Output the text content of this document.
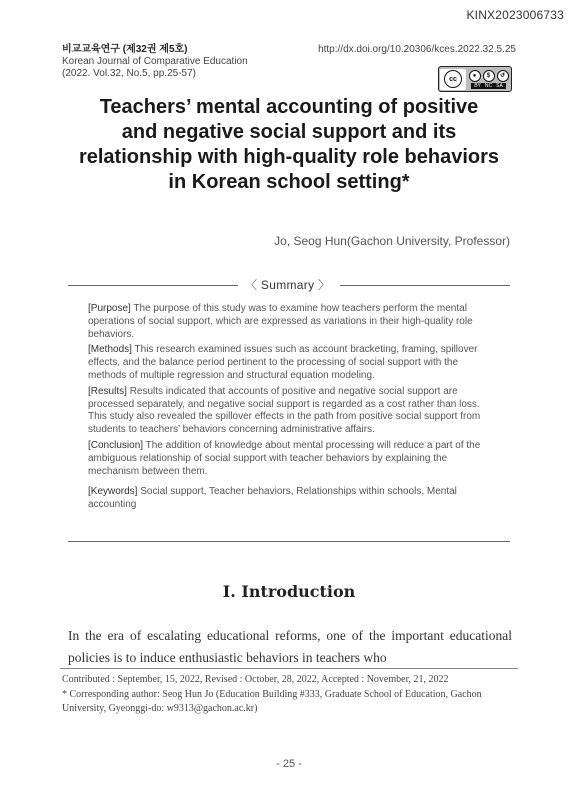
KINX2023006733
비교교육연구 (제32권 제5호)
Korean Journal of Comparative Education
(2022. Vol.32, No.5, pp.25-57)
http://dx.doi.org/10.20306/kces.2022.32.5.25
cc	●	$	↺
BY NC SA
Teachers’ mental accounting of positive
and negative social support and its
relationship with high-quality role behaviors
in Korean school setting*
Jo, Seog Hun(Gachon University, Professor)
〈 Summary 〉

[Purpose] The purpose of this study was to examine how teachers perform the mental operations of social support, which are expressed as variations in their high-quality role behaviors.

[Methods] This research examined issues such as account bracketing, framing, spillover effects, and the balance period pertinent to the processing of social support with the methods of multiple regression and structural equation modeling.

[Results] Results indicated that accounts of positive and negative social support are processed separately, and negative social support is regarded as a cost rather than loss. This study also revealed the spillover effects in the path from positive social support from students to teachers’ behaviors concerning administrative affairs.

[Conclusion] The addition of knowledge about mental processing will reduce a part of the ambiguous relationship of social support with teacher behaviors by explaining the mechanism between them.

[Keywords] Social support, Teacher behaviors, Relationships within schools, Mental accounting

Ⅰ. Introduction
In the era of escalating educational reforms, one of the important educational policies is to induce enthusiastic behaviors in teachers who

Contributed : September, 15, 2022, Revised : October, 28, 2022, Accepted : November, 21, 2022

* Corresponding author: Seog Hun Jo (Education Building #333, Graduate School of Education, Gachon University, Gyeonggi-do: w9313@gachon.ac.kr)

- 25 -
